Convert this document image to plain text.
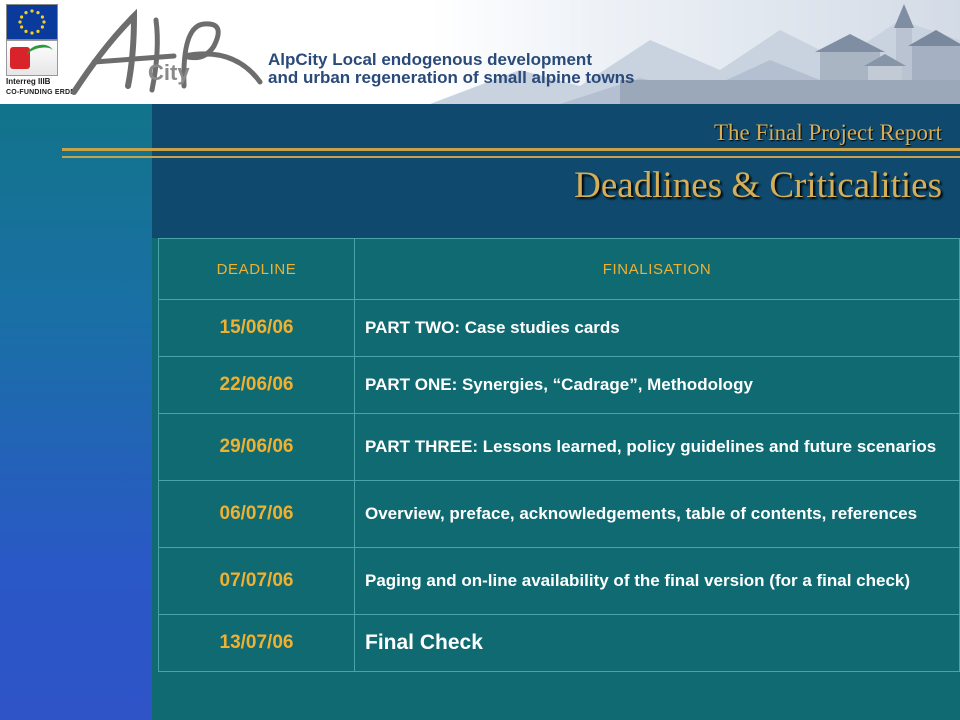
Interreg IIIB
CO-FUNDING ERDF
City
AlpCity Local endogenous development
and urban regeneration of small alpine towns
The Final Project Report
Deadlines & Criticalities
DEADLINE	FINALISATION
15/06/06	PART TWO: Case studies cards
22/06/06	PART ONE: Synergies, “Cadrage”, Methodology
29/06/06	PART THREE: Lessons learned, policy guidelines and future scenarios
06/07/06	Overview, preface, acknowledgements, table of contents, references
07/07/06	Paging and on-line availability of the final version (for a final check)
13/07/06	Final Check
